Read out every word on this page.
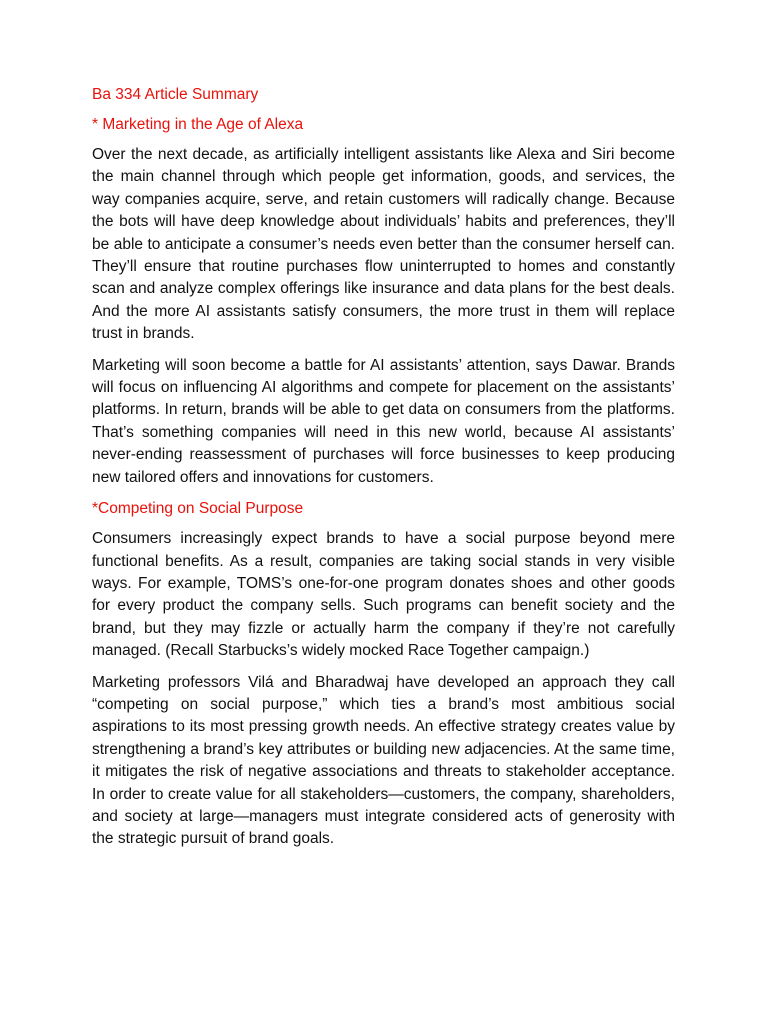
Ba 334 Article Summary

* Marketing in the Age of Alexa

Over the next decade, as artificially intelligent assistants like Alexa and Siri become the main channel through which people get information, goods, and services, the way companies acquire, serve, and retain customers will radically change. Because the bots will have deep knowledge about individuals’ habits and preferences, they’ll be able to anticipate a consumer’s needs even better than the consumer herself can. They’ll ensure that routine purchases flow uninterrupted to homes and constantly scan and analyze complex offerings like insurance and data plans for the best deals. And the more AI assistants satisfy consumers, the more trust in them will replace trust in brands.

Marketing will soon become a battle for AI assistants’ attention, says Dawar. Brands will focus on influencing AI algorithms and compete for placement on the assistants’ platforms. In return, brands will be able to get data on consumers from the platforms. That’s something companies will need in this new world, because AI assistants’ never-ending reassessment of purchases will force businesses to keep producing new tailored offers and innovations for customers.

*Competing on Social Purpose

Consumers increasingly expect brands to have a social purpose beyond mere functional benefits. As a result, companies are taking social stands in very visible ways. For example, TOMS’s one-for-one program donates shoes and other goods for every product the company sells. Such programs can benefit society and the brand, but they may fizzle or actually harm the company if they’re not carefully managed. (Recall Starbucks’s widely mocked Race Together campaign.)

Marketing professors Vilá and Bharadwaj have developed an approach they call “competing on social purpose,” which ties a brand’s most ambitious social aspirations to its most pressing growth needs. An effective strategy creates value by strengthening a brand’s key attributes or building new adjacencies. At the same time, it mitigates the risk of negative associations and threats to stakeholder acceptance. In order to create value for all stakeholders—customers, the company, shareholders, and society at large—managers must integrate considered acts of generosity with the strategic pursuit of brand goals.
